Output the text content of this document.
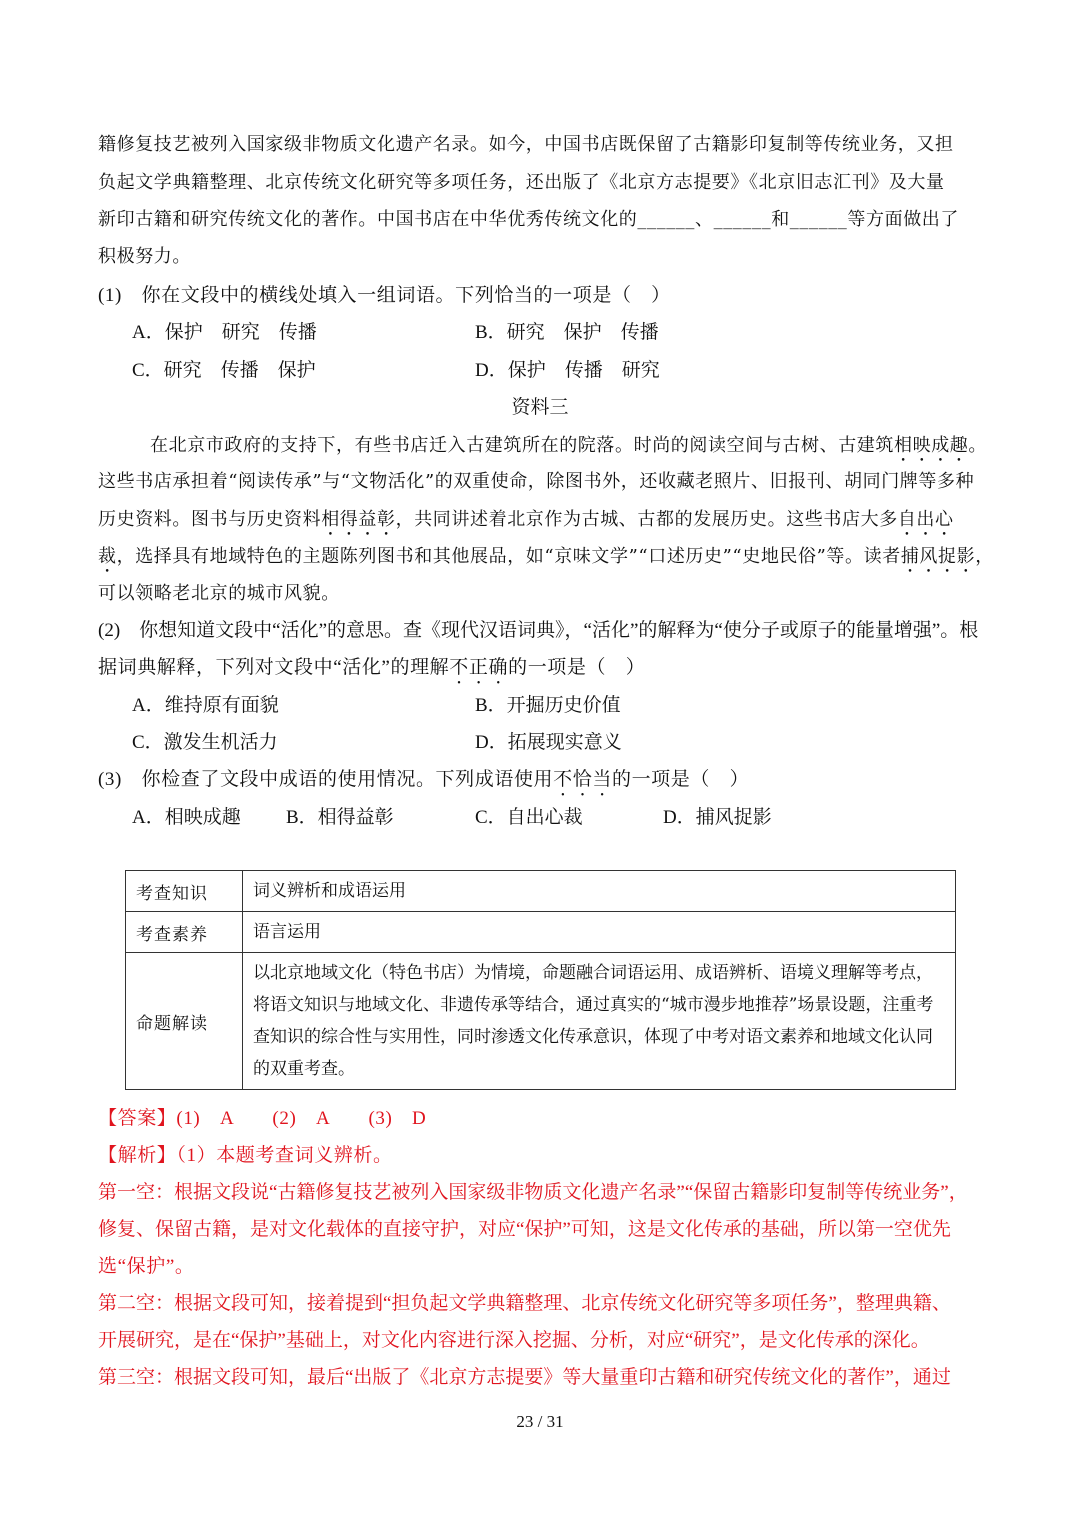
籍修复技艺被列入国家级非物质文化遗产名录。如今，中国书店既保留了古籍影印复制等传统业务，又担
负起文学典籍整理、北京传统文化研究等多项任务，还出版了《北京方志提要》《北京旧志汇刊》及大量
新印古籍和研究传统文化的著作。中国书店在中华优秀传统文化的______、______和______等方面做出了
积极努力。
(1)　你在文段中的横线处填入一组词语。下列恰当的一项是（　）
A．保护　研究　传播	B．研究　保护　传播
C．研究　传播　保护	D．保护　传播　研究
资料三
在北京市政府的支持下，有些书店迁入古建筑所在的院落。时尚的阅读空间与古树、古建筑相映成趣。
这些书店承担着“阅读传承”与“文物活化”的双重使命，除图书外，还收藏老照片、旧报刊、胡同门牌等多种
历史资料。图书与历史资料相得益彰，共同讲述着北京作为古城、古都的发展历史。这些书店大多自出心
裁，选择具有地域特色的主题陈列图书和其他展品，如“京味文学”“口述历史”“史地民俗”等。读者捕风捉影，
可以领略老北京的城市风貌。
(2)　你想知道文段中“活化”的意思。查《现代汉语词典》，“活化”的解释为“使分子或原子的能量增强”。根
据词典解释，下列对文段中“活化”的理解不正确的一项是（　）
A．维持原有面貌	B．开掘历史价值
C．激发生机活力	D．拓展现实意义
(3)　你检查了文段中成语的使用情况。下列成语使用不恰当的一项是（　）
A．相映成趣 B．相得益彰	C．自出心裁	D．捕风捉影
考查知识	词义辨析和成语运用
考查素养	语言运用
命题解读	以北京地域文化（特色书店）为情境，命题融合词语运用、成语辨析、语境义理解等考点，将语文知识与地域文化、非遗传承等结合，通过真实的“城市漫步地推荐”场景设题，注重考查知识的综合性与实用性，同时渗透文化传承意识，体现了中考对语文素养和地域文化认同的双重考查。
【答案】(1)　A　　(2)　A　　(3)　D
【解析】（1）本题考查词义辨析。
第一空：根据文段说“古籍修复技艺被列入国家级非物质文化遗产名录”“保留古籍影印复制等传统业务”，
修复、保留古籍，是对文化载体的直接守护，对应“保护”可知，这是文化传承的基础，所以第一空优先
选“保护”。
第二空：根据文段可知，接着提到“担负起文学典籍整理、北京传统文化研究等多项任务”，整理典籍、
开展研究，是在“保护”基础上，对文化内容进行深入挖掘、分析，对应“研究”，是文化传承的深化。
第三空：根据文段可知，最后“出版了《北京方志提要》等大量重印古籍和研究传统文化的著作”，通过
23 / 31
